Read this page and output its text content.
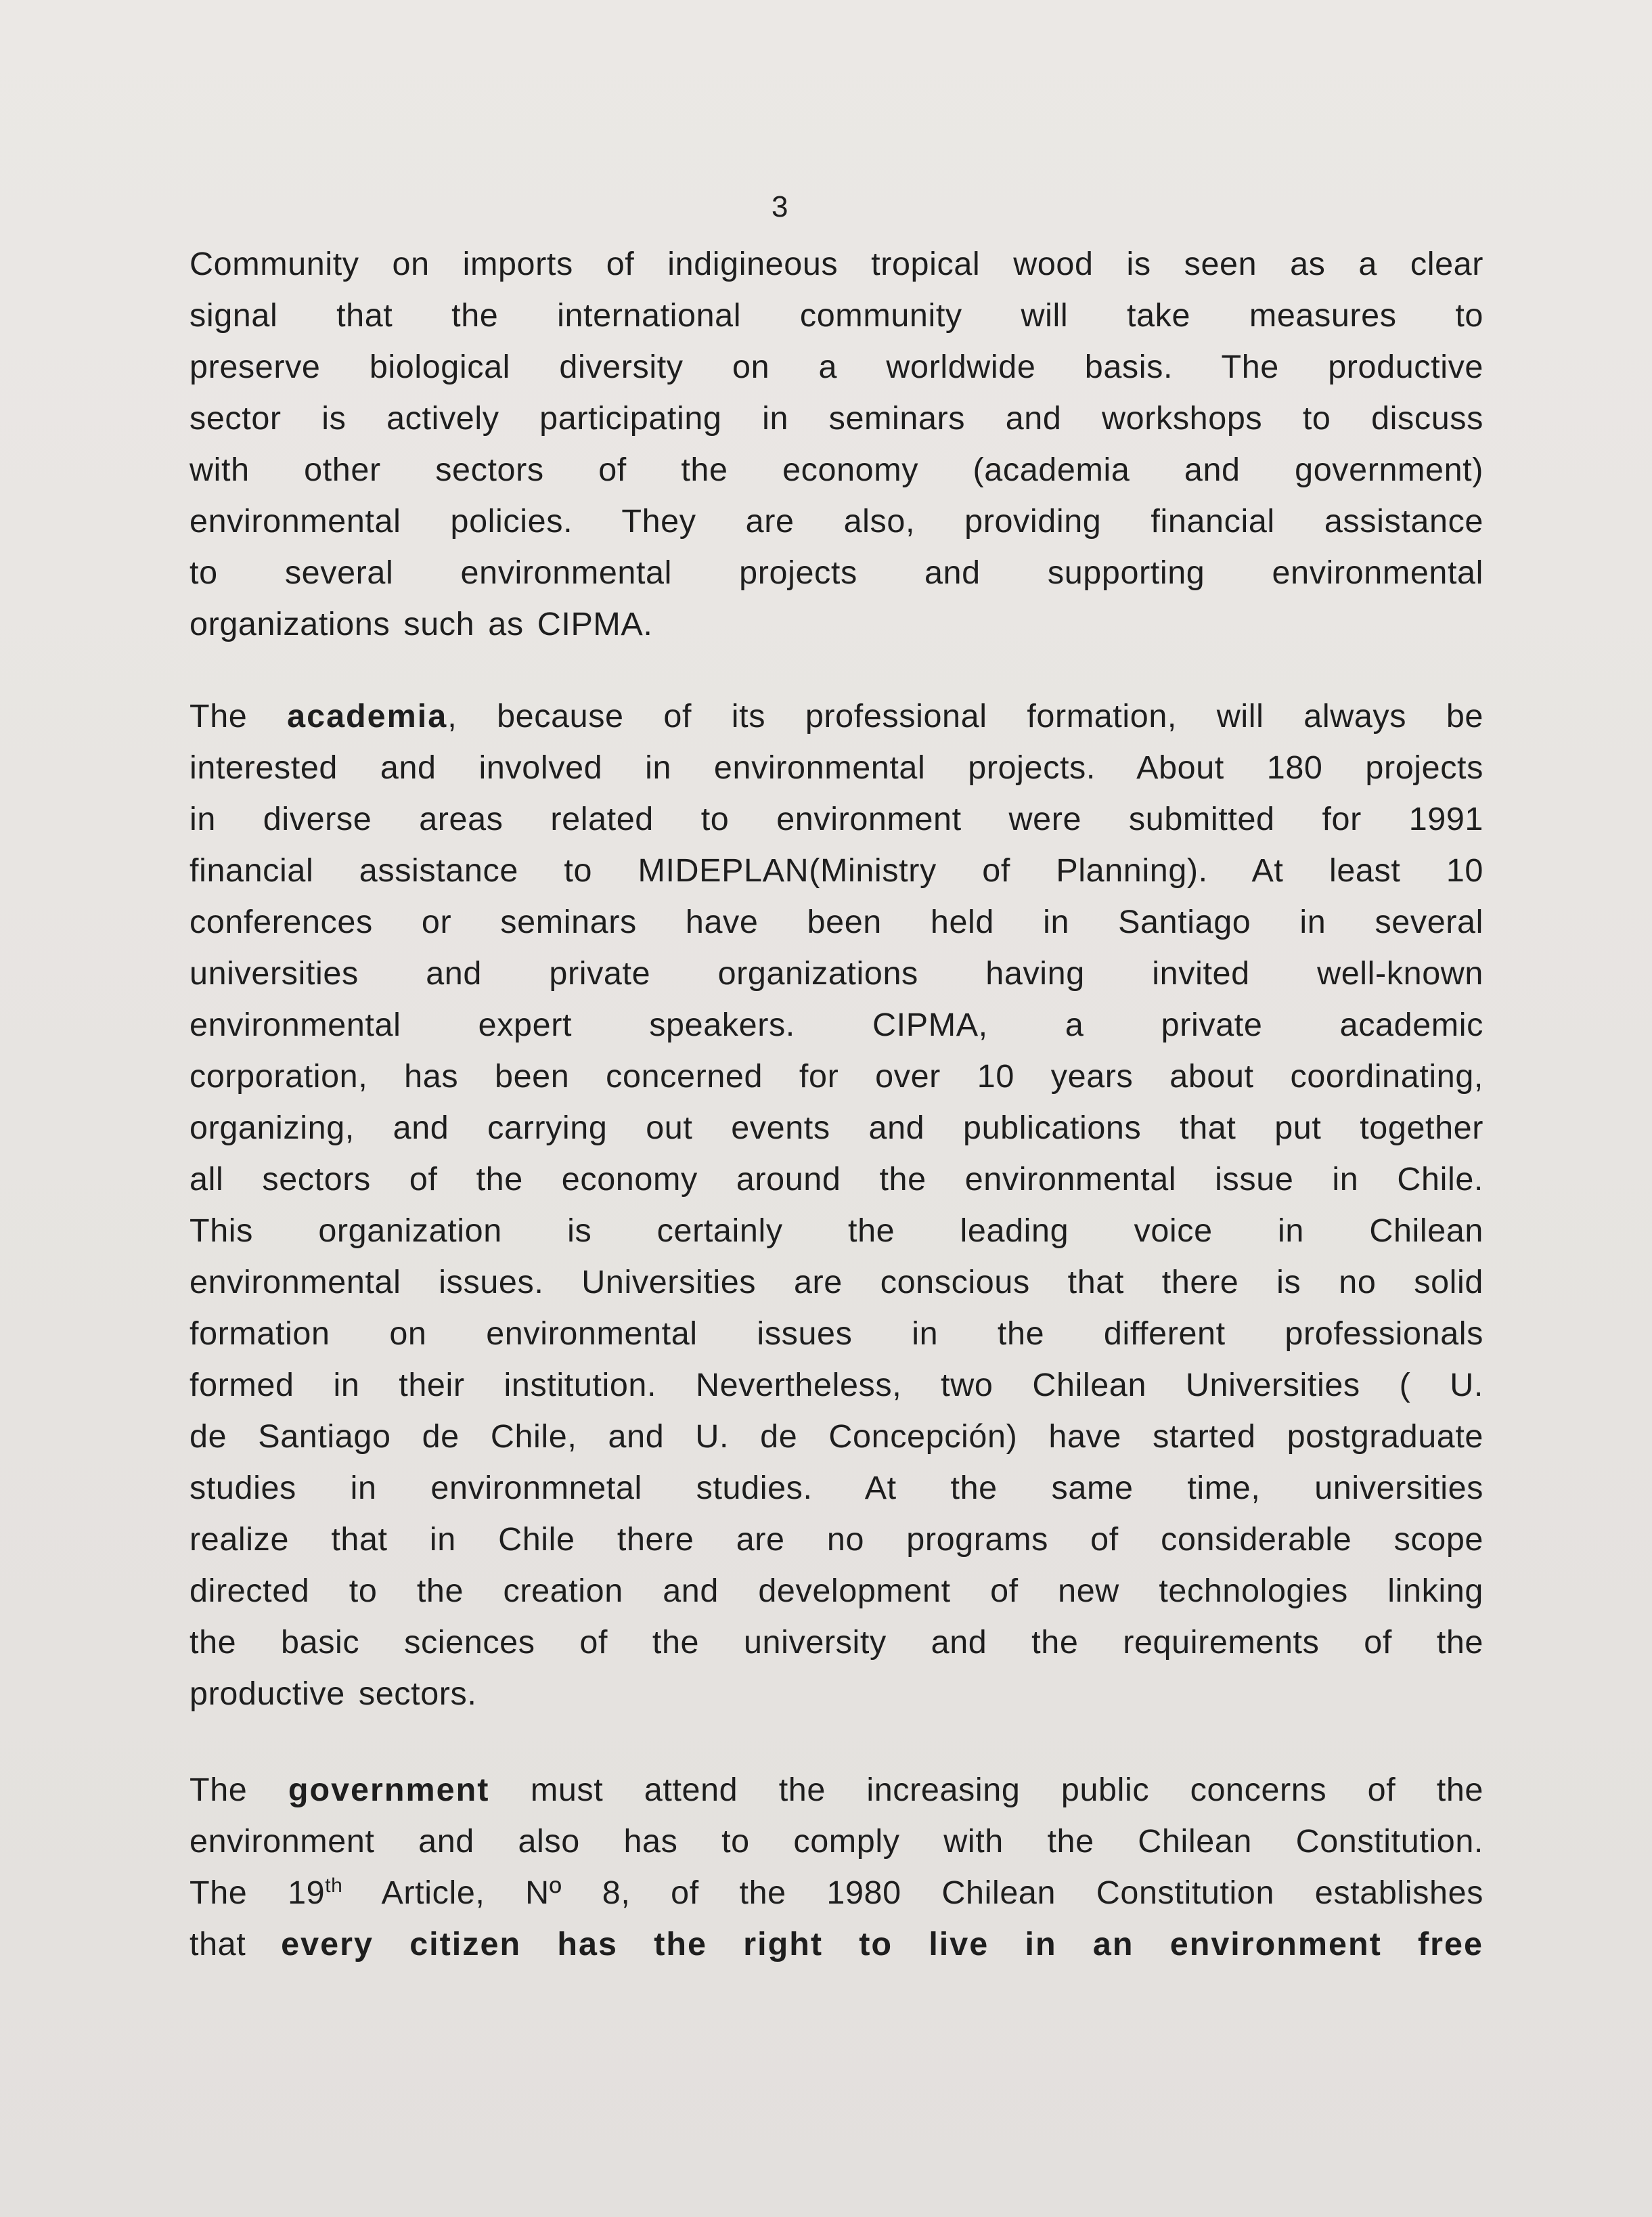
3
Community on imports of indigineous tropical wood is seen as a clear
signal that the international community will take measures to
preserve biological diversity on a worldwide basis. The productive
sector is actively participating in seminars and workshops to discuss
with other sectors of the economy (academia and government)
environmental policies. They are also, providing financial assistance
to several environmental projects and supporting environmental
organizations such as CIPMA.
The academia, because of its professional formation, will always be
interested and involved in environmental projects. About 180 projects
in diverse areas related to environment were submitted for 1991
financial assistance to MIDEPLAN(Ministry of Planning). At least 10
conferences or seminars have been held in Santiago in several
universities and private organizations having invited well-known
environmental expert speakers. CIPMA, a private academic
corporation, has been concerned for over 10 years about coordinating,
organizing, and carrying out events and publications that put together
all sectors of the economy around the environmental issue in Chile.
This organization is certainly the leading voice in Chilean
environmental issues. Universities are conscious that there is no solid
formation on environmental issues in the different professionals
formed in their institution. Nevertheless, two Chilean Universities ( U.
de Santiago de Chile, and U. de Concepción) have started postgraduate
studies in environmnetal studies. At the same time, universities
realize that in Chile there are no programs of considerable scope
directed to the creation and development of new technologies linking
the basic sciences of the university and the requirements of the
productive sectors.
The government must attend the increasing public concerns of the
environment and also has to comply with the Chilean Constitution.
The 19th Article, Nº 8, of the 1980 Chilean Constitution establishes
that every citizen has the right to live in an environment free
